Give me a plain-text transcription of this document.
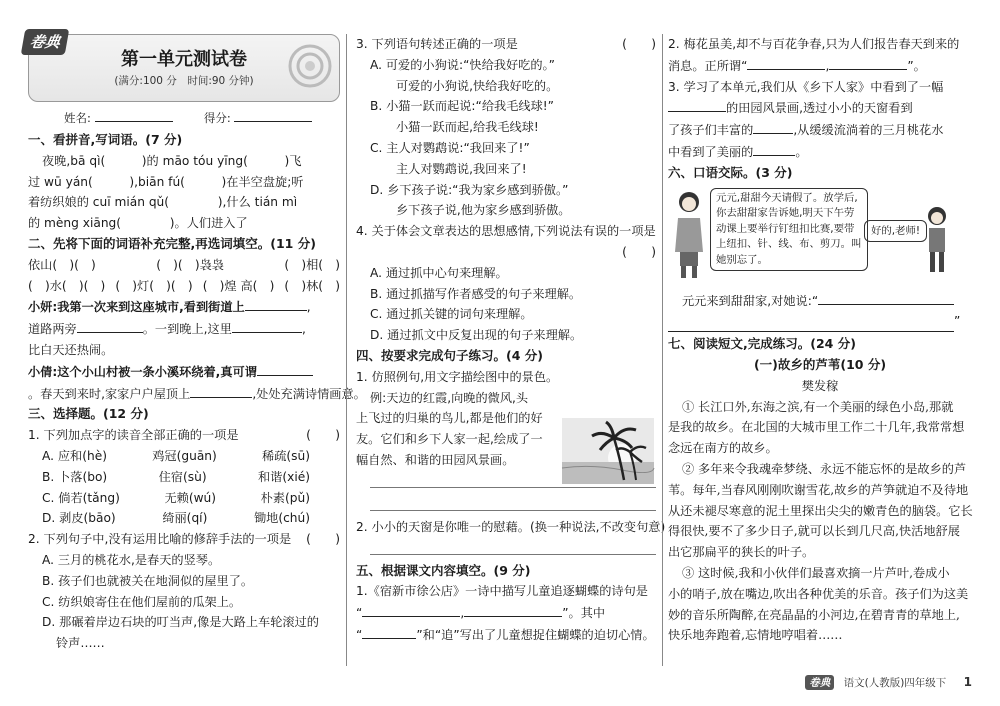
卷典
第一单元测试卷
(满分:100 分　时间:90 分钟)
姓名:	得分:
一、看拼音,写词语。(7 分)
夜晚,bā qì(　　　)的 māo tóu yīng(　　　)飞
过 wū yán(　　　),biān fú(　　　)在半空盘旋;听
着纺织娘的 cuī mián qǔ(　　　　),什么 tián mì
的 mèng xiāng(　　　　)。人们进入了
二、先将下面的词语补充完整,再选词填空。(11 分)
依山(　)(　)	(　)(　)袅袅	(　)相(　)
(　)水(　)(　) (　)灯(　)(　) (　)煌 高(　) (　)林(　)
小妍:我第一次来到这座城市,看到街道上	,
道路两旁	。一到晚上,这里	,
比白天还热闹。
小倩:这个小山村被一条小溪环绕着,真可谓
。春天到来时,家家户户屋顶上	,处处充满诗情画意。
三、选择题。(12 分)
1. 下列加点字的读音全部正确的一项是	(　　)
A. 应和(hè)	鸡冠(guān)	稀疏(sū)
B. 卜落(bo)	住宿(sù)	和谐(xié)
C. 倘若(tǎng)	无赖(wú)	朴素(pǔ)
D. 剥皮(bāo)	绮丽(qí)	锄地(chú)
2. 下列句子中,没有运用比喻的修辞手法的一项是 (　　)
A. 三月的桃花水,是春天的竖琴。
B. 孩子们也就被关在地洞似的屋里了。
C. 纺织娘寄住在他们屋前的瓜架上。
D. 那碾着岸边石块的叮当声,像是大路上车轮滚过的
铃声……
3. 下列语句转述正确的一项是	(　　)
A. 可爱的小狗说:“快给我好吃的。”
可爱的小狗说,快给我好吃的。
B. 小猫一跃而起说:“给我毛线球!”
小猫一跃而起,给我毛线球!
C. 主人对鹦鹉说:“我回来了!”
主人对鹦鹉说,我回来了!
D. 乡下孩子说:“我为家乡感到骄傲。”
乡下孩子说,他为家乡感到骄傲。
4. 关于体会文章表达的思想感情,下列说法有误的一项是
(　　)
A. 通过抓中心句来理解。
B. 通过抓描写作者感受的句子来理解。
C. 通过抓关键的词句来理解。
D. 通过抓文中反复出现的句子来理解。
四、按要求完成句子练习。(4 分)
1. 仿照例句,用文字描绘图中的景色。
例:天边的红霞,向晚的微风,头
上飞过的归巢的鸟儿,都是他们的好
友。它们和乡下人家一起,绘成了一
幅自然、和谐的田园风景画。
2. 小小的天窗是你唯一的慰藉。(换一种说法,不改变句意)
五、根据课文内容填空。(9 分)
1.《宿新市徐公店》一诗中描写儿童追逐蝴蝶的诗句是
“	,	”。其中
“	”和“追”写出了儿童想捉住蝴蝶的迫切心情。
2. 梅花虽美,却不与百花争春,只为人们报告春天到来的
消息。正所谓“	,	”。
3. 学习了本单元,我们从《乡下人家》中看到了一幅
的田园风景画,透过小小的天窗看到
了孩子们丰富的	,从缓缓流淌着的三月桃花水
中看到了美丽的	。
六、口语交际。(3 分)
元元,甜甜今天请假了。放学后,你去甜甜家告诉她,明天下午劳动课上要举行钉纽扣比赛,要带上纽扣、针、线、布、剪刀。叫她别忘了。
好的,老师!
元元来到甜甜家,对她说:“
”
七、阅读短文,完成练习。(24 分)
(一)故乡的芦苇(10 分)
樊发稼
① 长江口外,东海之滨,有一个美丽的绿色小岛,那就
是我的故乡。在北国的大城市里工作二十几年,我常常想
念远在南方的故乡。
② 多年来令我魂牵梦绕、永远不能忘怀的是故乡的芦
苇。每年,当春风刚刚吹谢雪花,故乡的芦笋就迫不及待地
从还未褪尽寒意的泥土里探出尖尖的嫩青色的脑袋。它长
得很快,要不了多少日子,就可以长到几尺高,快活地舒展
出它那扁平的狭长的叶子。
③ 这时候,我和小伙伴们最喜欢摘一片芦叶,卷成小
小的哨子,放在嘴边,吹出各种优美的乐音。孩子们为这美
妙的音乐所陶醉,在亮晶晶的小河边,在碧青青的草地上,
快乐地奔跑着,忘情地哼唱着……
卷典 语文(人教版)四年级下 1
